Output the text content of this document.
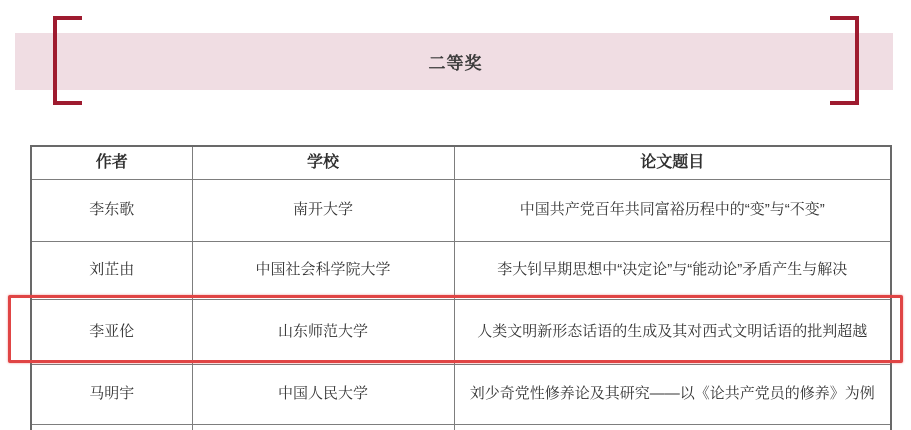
二等奖
作者	学校	论文题目
李东歌	南开大学	中国共产党百年共同富裕历程中的“变”与“不变”
刘芷由	中国社会科学院大学	李大钊早期思想中“决定论”与“能动论”矛盾产生与解决
李亚伦	山东师范大学	人类文明新形态话语的生成及其对西式文明话语的批判超越
马明宇	中国人民大学	刘少奇党性修养论及其研究——以《论共产党员的修养》为例
